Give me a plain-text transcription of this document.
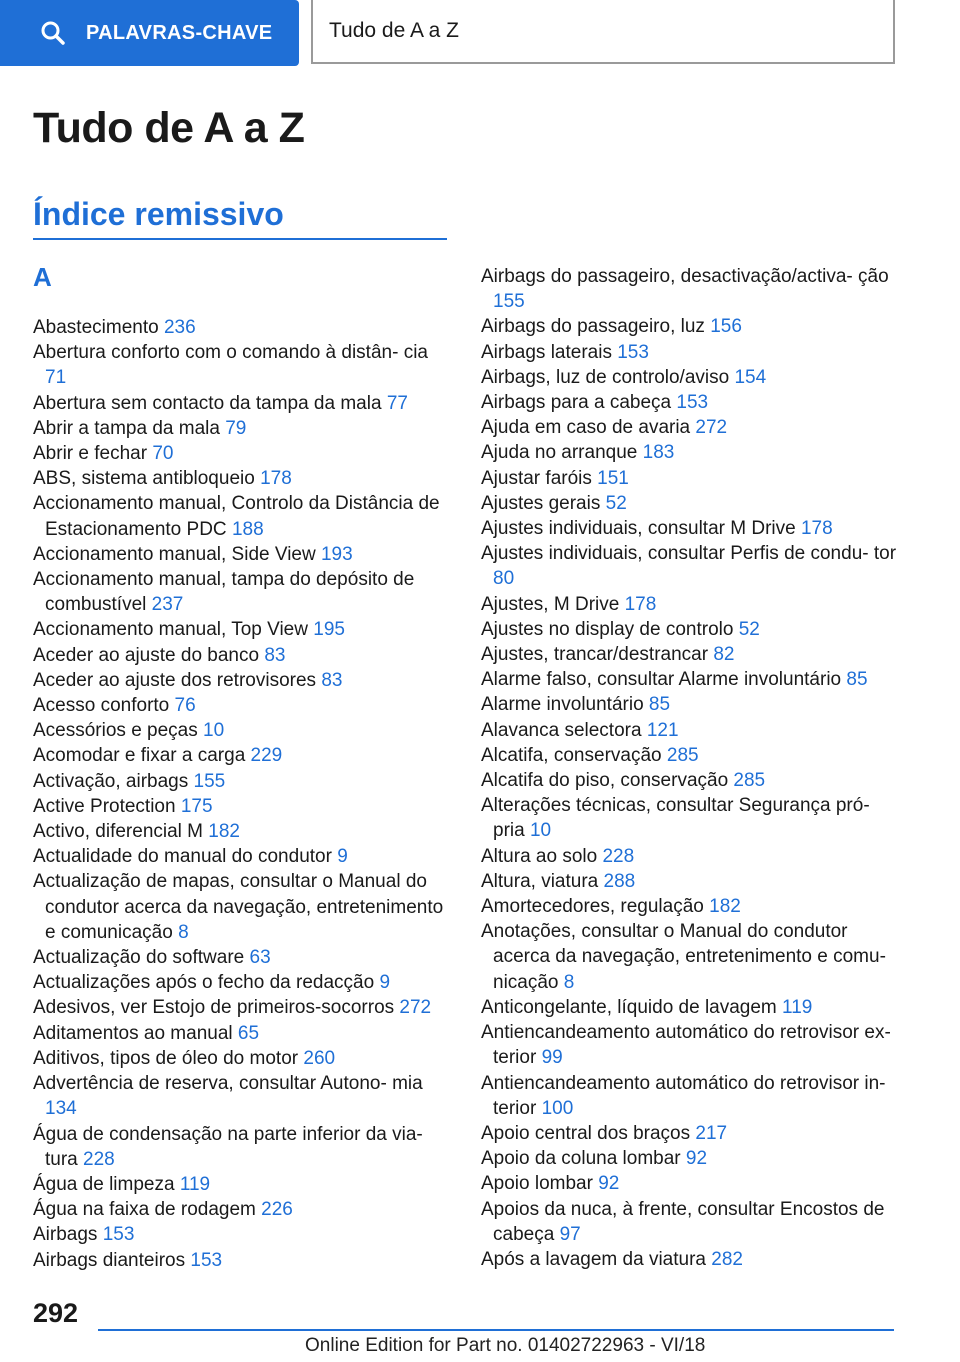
PALAVRAS-CHAVE	Tudo de A a Z
Tudo de A a Z
Índice remissivo
A

Abastecimento 236

Abertura conforto com o comando à distân‐ cia 71

Abertura sem contacto da tampa da mala 77

Abrir a tampa da mala 79

Abrir e fechar 70

ABS, sistema antibloqueio 178

Accionamento manual, Controlo da Distância de Estacionamento PDC 188

Accionamento manual, Side View 193

Accionamento manual, tampa do depósito de combustível 237

Accionamento manual, Top View 195

Aceder ao ajuste do banco 83

Aceder ao ajuste dos retrovisores 83

Acesso conforto 76

Acessórios e peças 10

Acomodar e fixar a carga 229

Activação, airbags 155

Active Protection 175

Activo, diferencial M 182

Actualidade do manual do condutor 9

Actualização de mapas, consultar o Manual do condutor acerca da navegação, entretenimento e comunicação 8

Actualização do software 63

Actualizações após o fecho da redacção 9

Adesivos, ver Estojo de primeiros-socorros 272

Aditamentos ao manual 65

Aditivos, tipos de óleo do motor 260

Advertência de reserva, consultar Autono‐ mia 134

Água de condensação na parte inferior da via‐ tura 228

Água de limpeza 119

Água na faixa de rodagem 226

Airbags 153

Airbags dianteiros 153

Airbags do passageiro, desactivação/activa‐ ção 155

Airbags do passageiro, luz 156

Airbags laterais 153

Airbags, luz de controlo/aviso 154

Airbags para a cabeça 153

Ajuda em caso de avaria 272

Ajuda no arranque 183

Ajustar faróis 151

Ajustes gerais 52

Ajustes individuais, consultar M Drive 178

Ajustes individuais, consultar Perfis de condu‐ tor 80

Ajustes, M Drive 178

Ajustes no display de controlo 52

Ajustes, trancar/destrancar 82

Alarme falso, consultar Alarme involuntário 85

Alarme involuntário 85

Alavanca selectora 121

Alcatifa, conservação 285

Alcatifa do piso, conservação 285

Alterações técnicas, consultar Segurança pró‐ pria 10

Altura ao solo 228

Altura, viatura 288

Amortecedores, regulação 182

Anotações, consultar o Manual do condutor acerca da navegação, entretenimento e comu‐ nicação 8

Anticongelante, líquido de lavagem 119

Antiencandeamento automático do retrovisor ex‐ terior 99

Antiencandeamento automático do retrovisor in‐ terior 100

Apoio central dos braços 217

Apoio da coluna lombar 92

Apoio lombar 92

Apoios da nuca, à frente, consultar Encostos de cabeça 97

Após a lavagem da viatura 282

292
Online Edition for Part no. 01402722963 - VI/18
